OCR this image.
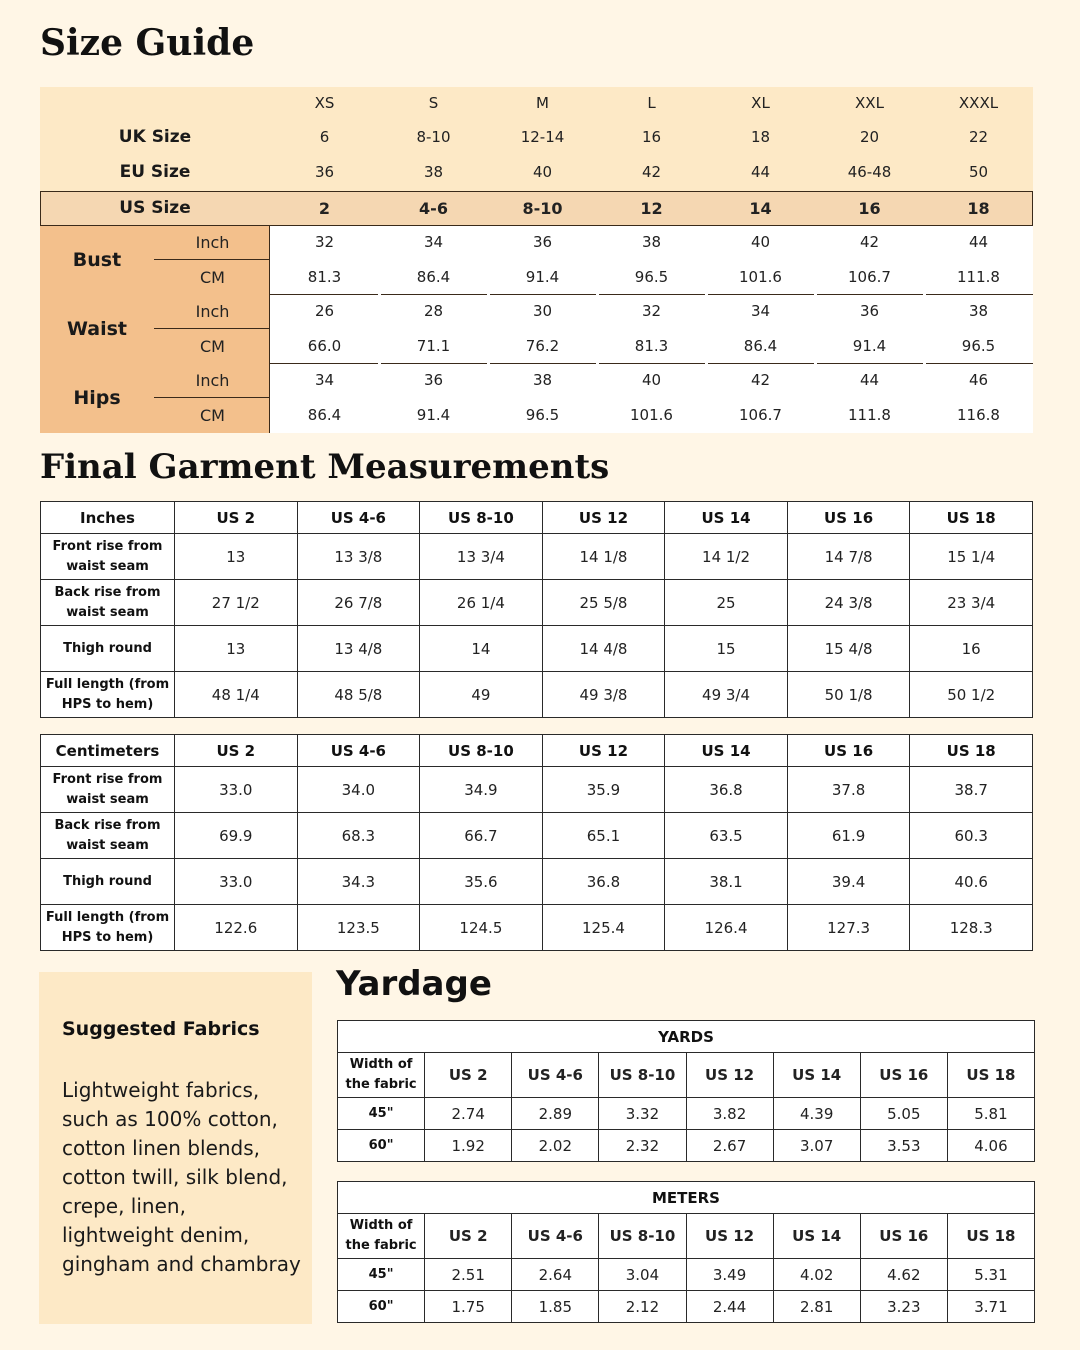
Size Guide
XS	S	M	L	XL	XXL	XXXL
UK Size	6	8-10	12-14	16	18	20	22
EU Size	36	38	40	42	44	46-48	50
US Size	2	4-6	8-10	12	14	16	18
Bust
Inch	32	34	36	38	40	42	44
CM	81.3	86.4	91.4	96.5	101.6	106.7	111.8
Waist
Inch	26	28	30	32	34	36	38
CM	66.0	71.1	76.2	81.3	86.4	91.4	96.5
Hips
Inch	34	36	38	40	42	44	46
CM	86.4	91.4	96.5	101.6	106.7	111.8	116.8
Final Garment Measurements
Inches	US 2	US 4-6	US 8-10	US 12	US 14	US 16	US 18
Front rise from waist seam	13	13 3/8	13 3/4	14 1/8	14 1/2	14 7/8	15 1/4
Back rise from waist seam	27 1/2	26 7/8	26 1/4	25 5/8	25	24 3/8	23 3/4
Thigh round	13	13 4/8	14	14 4/8	15	15 4/8	16
Full length (from HPS to hem)	48 1/4	48 5/8	49	49 3/8	49 3/4	50 1/8	50 1/2
Centimeters	US 2	US 4-6	US 8-10	US 12	US 14	US 16	US 18
Front rise from waist seam	33.0	34.0	34.9	35.9	36.8	37.8	38.7
Back rise from waist seam	69.9	68.3	66.7	65.1	63.5	61.9	60.3
Thigh round	33.0	34.3	35.6	36.8	38.1	39.4	40.6
Full length (from HPS to hem)	122.6	123.5	124.5	125.4	126.4	127.3	128.3
Suggested Fabrics

Lightweight fabrics, such as 100% cotton, cotton linen blends, cotton twill, silk blend, crepe, linen, lightweight denim, gingham and chambray

Yardage
YARDS							
Width of the fabric	US 2	US 4-6	US 8-10	US 12	US 14	US 16	US 18
45"	2.74	2.89	3.32	3.82	4.39	5.05	5.81
60"	1.92	2.02	2.32	2.67	3.07	3.53	4.06
METERS							
Width of the fabric	US 2	US 4-6	US 8-10	US 12	US 14	US 16	US 18
45"	2.51	2.64	3.04	3.49	4.02	4.62	5.31
60"	1.75	1.85	2.12	2.44	2.81	3.23	3.71
